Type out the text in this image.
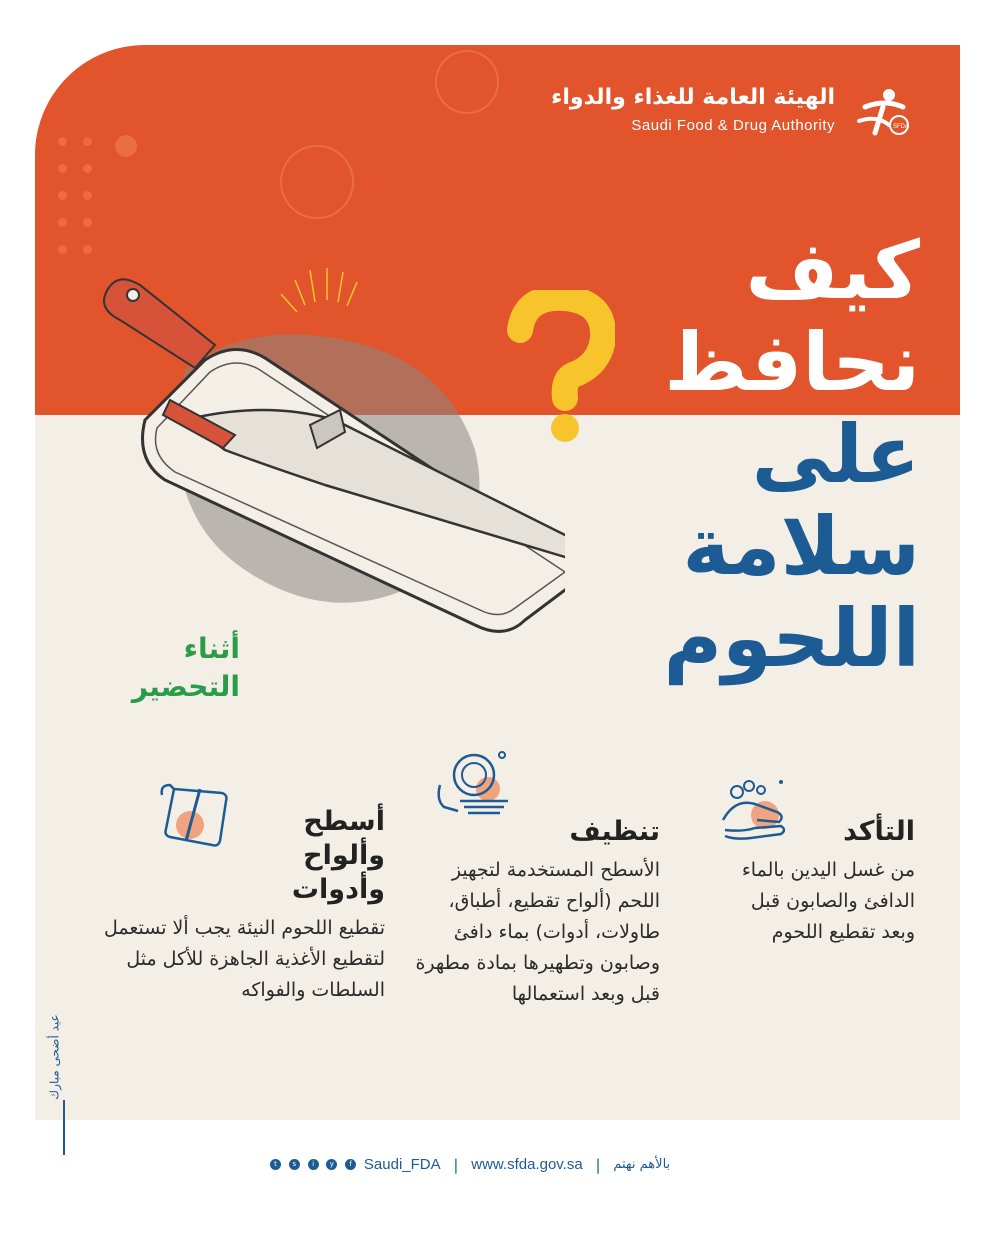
الهيئة العامة للغذاء والدواء
Saudi Food & Drug Authority	SFDA
كيف
نحافظ
على
سلامة
اللحوم
أثناء
التحضير
التأكد
من غسل اليدين بالماء الدافئ والصابون قبل وبعد تقطيع اللحوم
تنظيف
الأسطح المستخدمة لتجهيز اللحم (ألواح تقطيع، أطباق، طاولات، أدوات) بماء دافئ وصابون وتطهيرها بمادة مطهرة قبل وبعد استعمالها
أسطح وألواح وأدوات
تقطيع اللحوم النيئة يجب ألا تستعمل لتقطيع الأغذية الجاهزة للأكل مثل السلطات والفواكه
عيد أضحى مبارك
t s i y f Saudi_FDA | www.sfda.gov.sa | بالأهم نهتم
